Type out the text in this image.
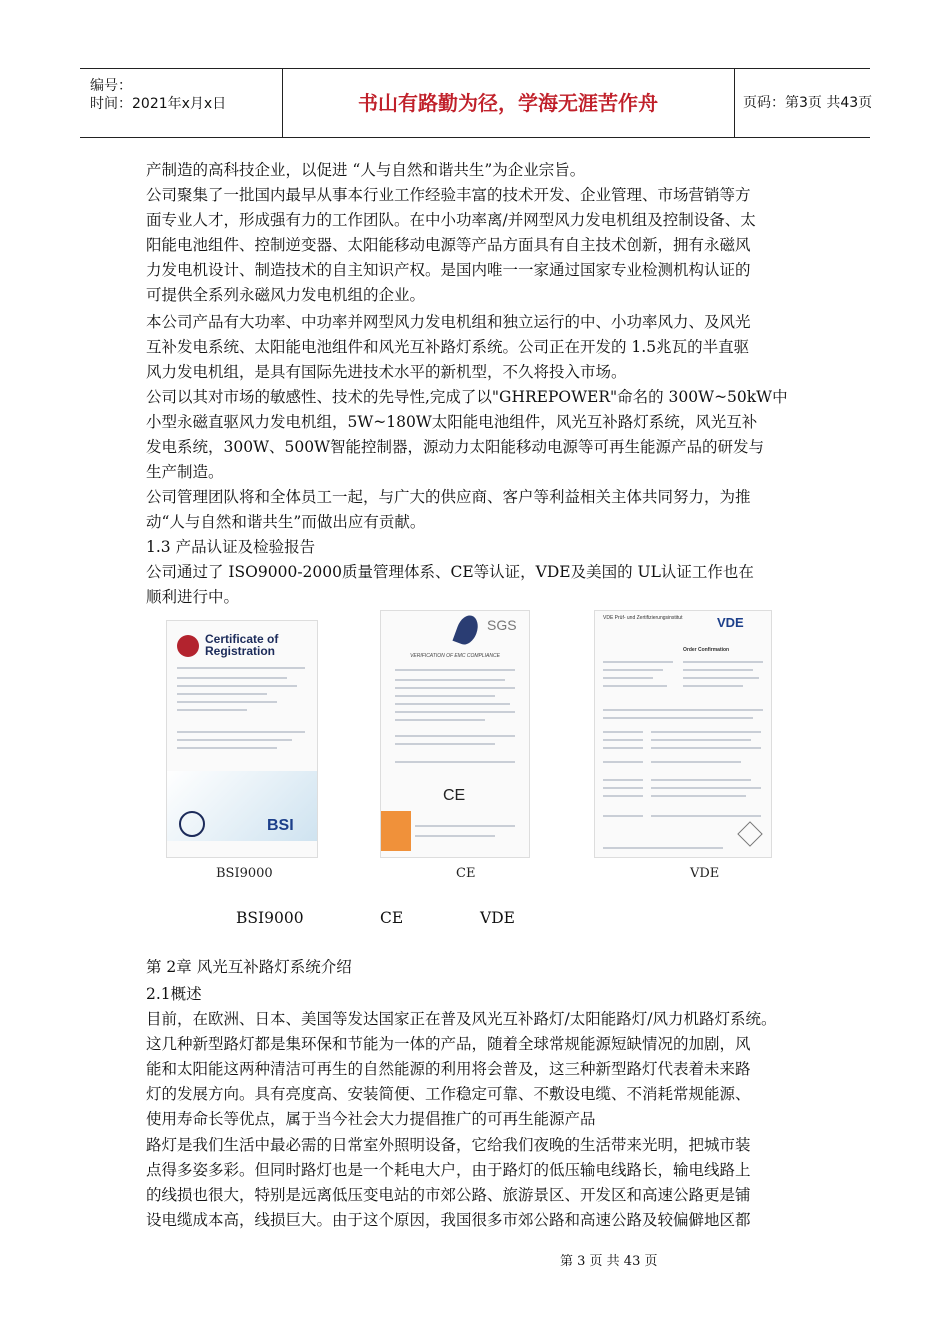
编号：
时间：2021年x月x日	书山有路勤为径，学海无涯苦作舟	页码：第3页 共43页
产制造的高科技企业，以促进 “人与自然和谐共生”为企业宗旨。
公司聚集了一批国内最早从事本行业工作经验丰富的技术开发、企业管理、市场营销等方
面专业人才，形成强有力的工作团队。在中小功率离/并网型风力发电机组及控制设备、太
阳能电池组件、控制逆变器、太阳能移动电源等产品方面具有自主技术创新，拥有永磁风
力发电机设计、制造技术的自主知识产权。是国内唯一一家通过国家专业检测机构认证的
可提供全系列永磁风力发电机组的企业。
本公司产品有大功率、中功率并网型风力发电机组和独立运行的中、小功率风力、及风光
互补发电系统、太阳能电池组件和风光互补路灯系统。公司正在开发的 1.5兆瓦的半直驱
风力发电机组，是具有国际先进技术水平的新机型，不久将投入市场。
公司以其对市场的敏感性、技术的先导性,完成了以"GHREPOWER"命名的 300W~50kW中
小型永磁直驱风力发电机组，5W~180W太阳能电池组件，风光互补路灯系统，风光互补
发电系统，300W、500W智能控制器，源动力太阳能移动电源等可再生能源产品的研发与
生产制造。
公司管理团队将和全体员工一起，与广大的供应商、客户等利益相关主体共同努力，为推
动“人与自然和谐共生”而做出应有贡献。
1.3 产品认证及检验报告
公司通过了 ISO9000-2000质量管理体系、CE等认证，VDE及美国的 UL认证工作也在
顺利进行中。
Certificate of Registration
BSI
BSI9000
SGS
VERIFICATION OF EMC COMPLIANCE
CE
CE
VDE Prüf- und Zertifizierungsinstitut	VDE
Order Confirmation
VDE
BSI9000	CE	VDE
第 2章 风光互补路灯系统介绍
2.1概述
目前，在欧洲、日本、美国等发达国家正在普及风光互补路灯/太阳能路灯/风力机路灯系统。
这几种新型路灯都是集环保和节能为一体的产品，随着全球常规能源短缺情况的加剧，风
能和太阳能这两种清洁可再生的自然能源的利用将会普及，这三种新型路灯代表着未来路
灯的发展方向。具有亮度高、安装简便、工作稳定可靠、不敷设电缆、不消耗常规能源、
使用寿命长等优点，属于当今社会大力提倡推广的可再生能源产品
路灯是我们生活中最必需的日常室外照明设备，它给我们夜晚的生活带来光明，把城市装
点得多姿多彩。但同时路灯也是一个耗电大户，由于路灯的低压输电线路长，输电线路上
的线损也很大，特别是远离低压变电站的市郊公路、旅游景区、开发区和高速公路更是铺
设电缆成本高，线损巨大。由于这个原因，我国很多市郊公路和高速公路及较偏僻地区都
第 3 页 共 43 页
